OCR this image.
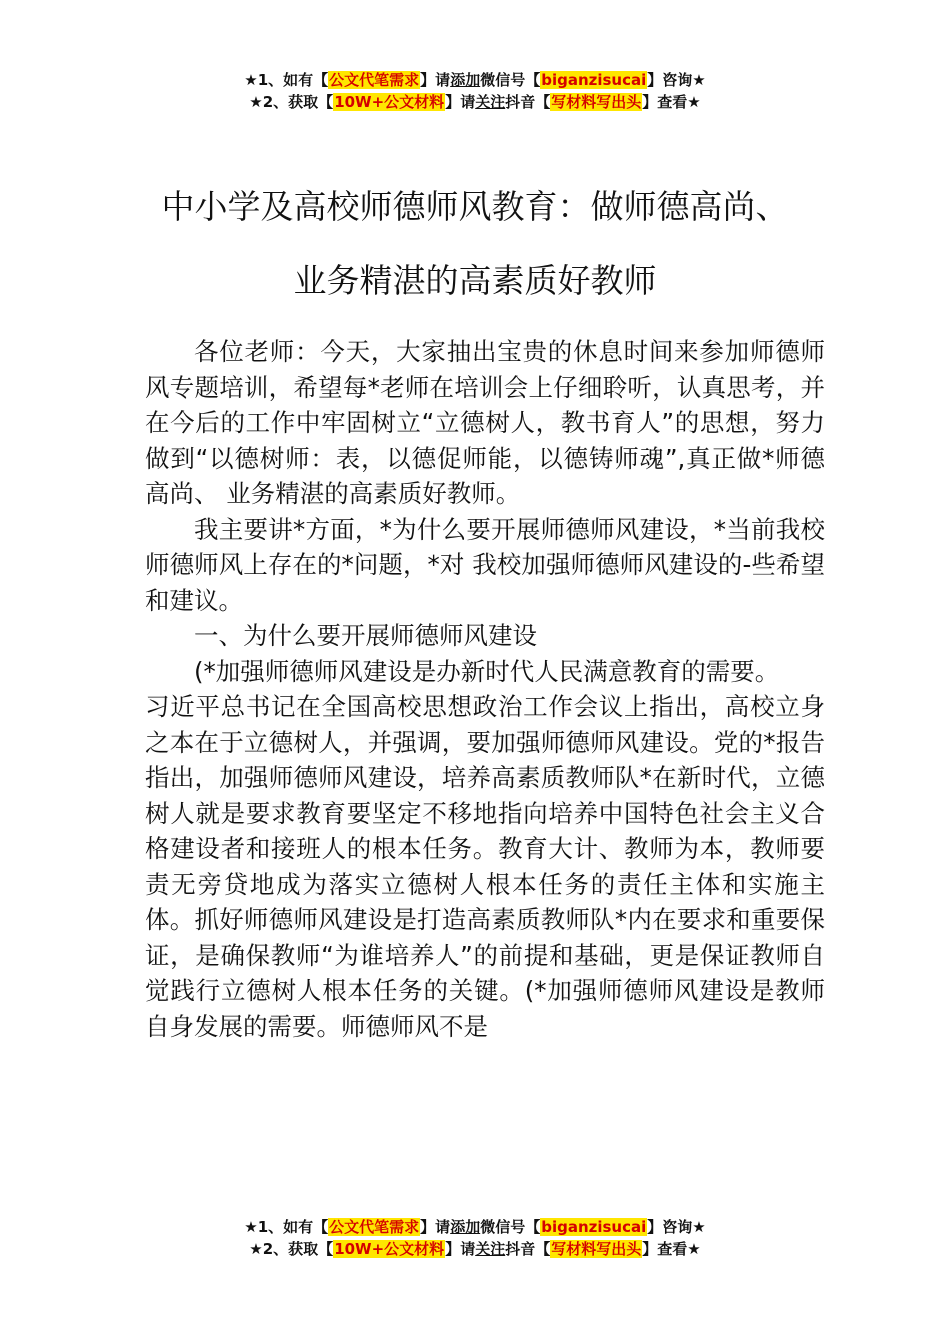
★1、如有【公文代笔需求】请添加微信号【biganzisucai】咨询★
★2、获取【10W+公文材料】请关注抖音【写材料写出头】查看★
中小学及高校师德师风教育：做师德高尚、
业务精湛的高素质好教师

各位老师：今天，大家抽出宝贵的休息时间来参加师德师风专题培训，希望每*老师在培训会上仔细聆听，认真思考，并在今后的工作中牢固树立“立德树人，教书育人”的思想，努力做到“以德树师：表，以德促师能，以德铸师魂”,真正做*师德高尚、 业务精湛的高素质好教师。

我主要讲*方面，*为什么要开展师德师风建设，*当前我校师德师风上存在的*问题，*对 我校加强师德师风建设的-些希望和建议。

一、为什么要开展师德师风建设

(*加强师德师风建设是办新时代人民满意教育的需要。

习近平总书记在全国高校思想政治工作会议上指出，高校立身之本在于立德树人，并强调，要加强师德师风建设。党的*报告指出，加强师德师风建设，培养高素质教师队*在新时代，立德树人就是要求教育要坚定不移地指向培养中国特色社会主义合格建设者和接班人的根本任务。教育大计、教师为本，教师要责无旁贷地成为落实立德树人根本任务的责任主体和实施主体。抓好师德师风建设是打造高素质教师队*内在要求和重要保证，是确保教师“为谁培养人”的前提和基础，更是保证教师自觉践行立德树人根本任务的关键。(*加强师德师风建设是教师自身发展的需要。师德师风不是

★1、如有【公文代笔需求】请添加微信号【biganzisucai】咨询★
★2、获取【10W+公文材料】请关注抖音【写材料写出头】查看★
